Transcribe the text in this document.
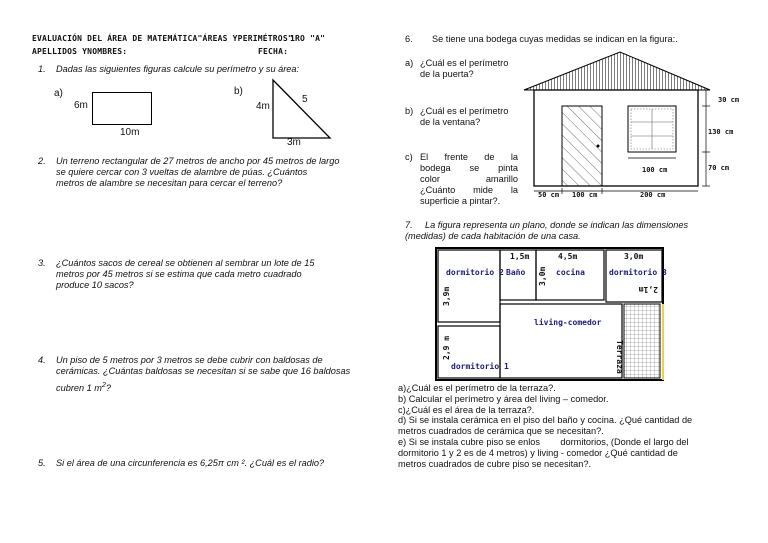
EVALUACIÓN DEL ÁREA DE MATEMÁTICA"ÁREAS YPERIMÉTROS"
1RO "A"
APELLIDOS YNOMBRES:	FECHA:
1. Dadas las siguientes figuras calcule su perímetro y su área:
a)
6m
10m
b)
4m
5
3m
2. Un terreno rectangular de 27 metros de ancho por 45 metros de largo
se quiere cercar con 3 vueltas de alambre de púas. ¿Cuántos
metros de alambre se necesitan para cercar el terreno?
3. ¿Cuántos sacos de cereal se obtienen al sembrar un lote de 15
metros por 45 metros si se estima que cada metro cuadrado
produce 10 sacos?
4. Un piso de 5 metros por 3 metros se debe cubrir con baldosas de
cerámicas. ¿Cuántas baldosas se necesitan si se sabe que 16 baldosas
cubren 1 $m^2$?
5. Si el área de una circunferencia es 6,25π cm ². ¿Cuál es el radio?
6. Se tiene una bodega cuyas medidas se indican en la figura:.
a) ¿Cuál es el perímetro
de la puerta?
b) ¿Cuál es el perímetro
de la ventana?
c) El frente de la
bodega se pinta
color amarillo
¿Cuánto mide la
superficie a pintar?.
30 cm
130 cm
70 cm
100 cm
50 cm 100 cm	200 cm
7.	La figura representa un plano, donde se indican las dimensiones
(medidas) de cada habitación de una casa.
dormitorio 2 Baño	cocina	dormitorio 3
living-comedor
dormitorio 1	Terraza
1,5m	4,5m	3,0m
3,0m
3,9m	2,1m
2,9 m
a)¿Cuál es el perímetro de la terraza?.
b) Calcular el perímetro y área del living – comedor.
c)¿Cuál es el área de la terraza?.
d) Si se instala cerámica en el piso del baño y cocina. ¿Qué cantidad de
metros cuadrados de cerámica que se necesitan?.
e) Si se instala cubre piso se enlos        dormitorios, (Donde el largo del
dormitorio 1 y 2 es de 4 metros) y living - comedor ¿Qué cantidad de
metros cuadrados de cubre piso se necesitan?.
